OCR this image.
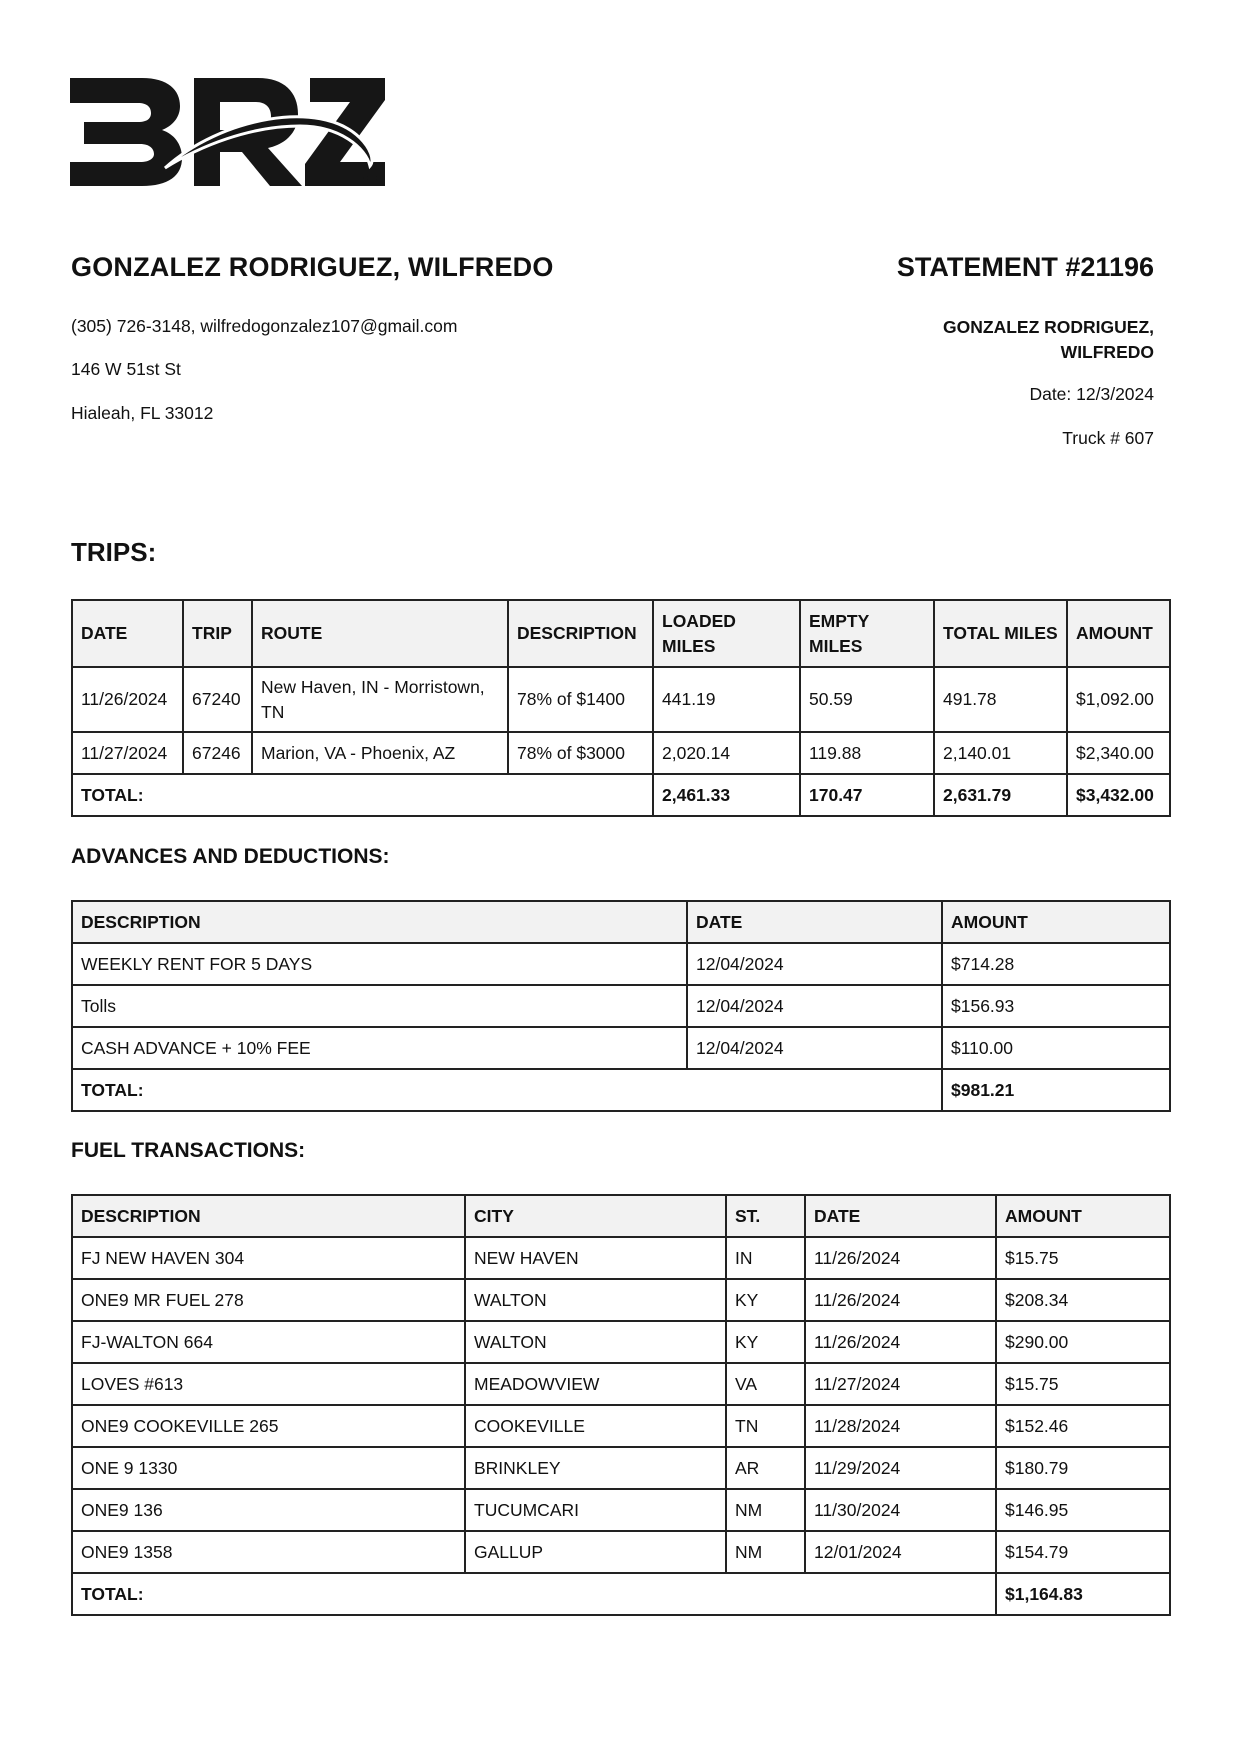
GONZALEZ RODRIGUEZ, WILFREDO
(305) 726-3148, wilfredogonzalez107@gmail.com
146 W 51st St
Hialeah, FL 33012
STATEMENT #21196
GONZALEZ RODRIGUEZ, WILFREDO
Date: 12/3/2024
Truck # 607
TRIPS:
DATE	TRIP	ROUTE	DESCRIPTION	LOADED MILES	EMPTY MILES	TOTAL MILES	AMOUNT
11/26/2024	67240	New Haven, IN - Morristown, TN	78% of $1400	441.19	50.59	491.78	$1,092.00
11/27/2024	67246	Marion, VA - Phoenix, AZ	78% of $3000	2,020.14	119.88	2,140.01	$2,340.00
TOTAL:				2,461.33	170.47	2,631.79	$3,432.00
ADVANCES AND DEDUCTIONS:
DESCRIPTION	DATE	AMOUNT
WEEKLY RENT FOR 5 DAYS	12/04/2024	$714.28
Tolls	12/04/2024	$156.93
CASH ADVANCE + 10% FEE	12/04/2024	$110.00
TOTAL:		$981.21
FUEL TRANSACTIONS:
DESCRIPTION	CITY	ST.	DATE	AMOUNT
FJ NEW HAVEN 304	NEW HAVEN	IN	11/26/2024	$15.75
ONE9 MR FUEL 278	WALTON	KY	11/26/2024	$208.34
FJ-WALTON 664	WALTON	KY	11/26/2024	$290.00
LOVES #613	MEADOWVIEW	VA	11/27/2024	$15.75
ONE9 COOKEVILLE 265	COOKEVILLE	TN	11/28/2024	$152.46
ONE 9 1330	BRINKLEY	AR	11/29/2024	$180.79
ONE9 136	TUCUMCARI	NM	11/30/2024	$146.95
ONE9 1358	GALLUP	NM	12/01/2024	$154.79
TOTAL:				$1,164.83
